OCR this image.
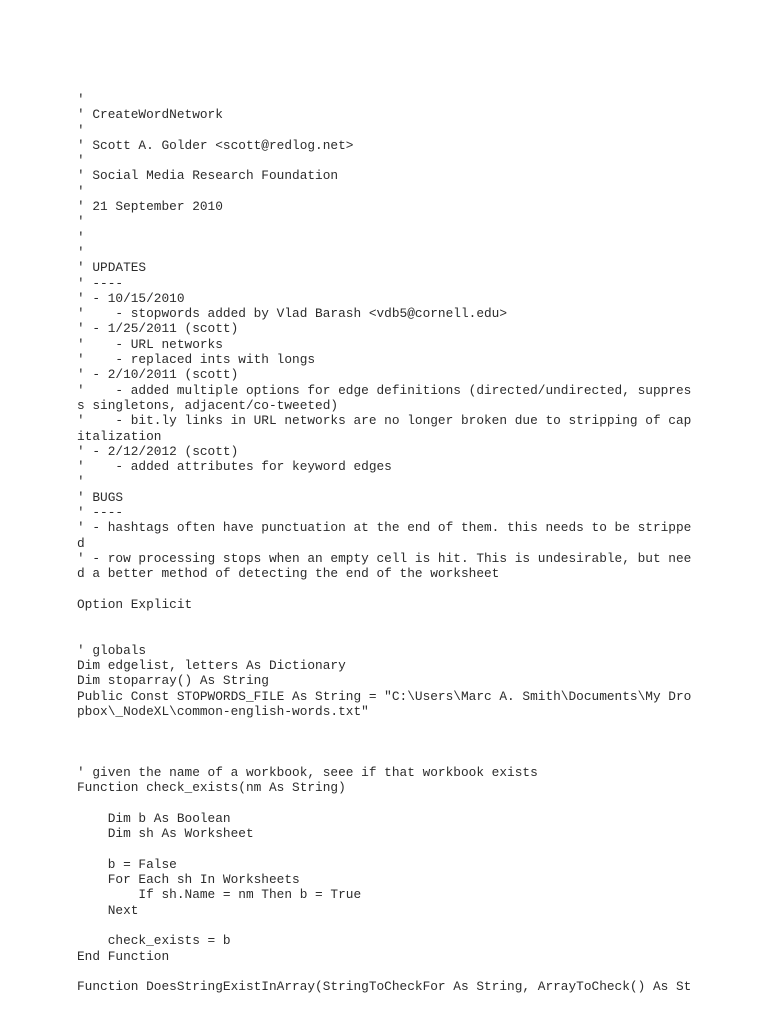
'
' CreateWordNetwork
'
' Scott A. Golder <scott@redlog.net>
'
' Social Media Research Foundation
'
' 21 September 2010
'
'
'
' UPDATES
' ----
' - 10/15/2010
'    - stopwords added by Vlad Barash <vdb5@cornell.edu>
' - 1/25/2011 (scott)
'    - URL networks
'    - replaced ints with longs
' - 2/10/2011 (scott)
'    - added multiple options for edge definitions (directed/undirected, suppres
s singletons, adjacent/co-tweeted)
'    - bit.ly links in URL networks are no longer broken due to stripping of cap
italization
' - 2/12/2012 (scott)
'    - added attributes for keyword edges
'
' BUGS
' ----
' - hashtags often have punctuation at the end of them. this needs to be strippe
d
' - row processing stops when an empty cell is hit. This is undesirable, but nee
d a better method of detecting the end of the worksheet
Option Explicit
' globals
Dim edgelist, letters As Dictionary
Dim stoparray() As String
Public Const STOPWORDS_FILE As String = "C:\Users\Marc A. Smith\Documents\My Dro
pbox\_NodeXL\common-english-words.txt"
' given the name of a workbook, seee if that workbook exists
Function check_exists(nm As String)
Dim b As Boolean
Dim sh As Worksheet
b = False
For Each sh In Worksheets
If sh.Name = nm Then b = True
Next
check_exists = b
End Function
Function DoesStringExistInArray(StringToCheckFor As String, ArrayToCheck() As St
